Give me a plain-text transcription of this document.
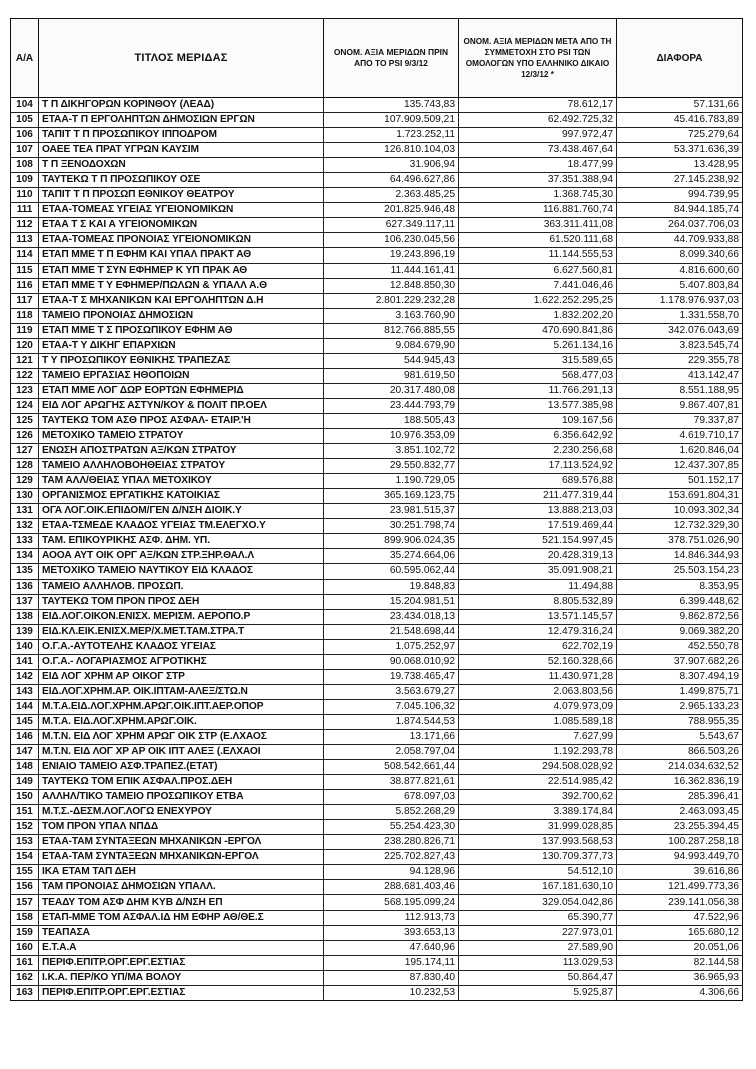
Α/Α	ΤΙΤΛΟΣ ΜΕΡΙΔΑΣ	ΟΝΟΜ. ΑΞΙΑ ΜΕΡΙΔΩΝ ΠΡΙΝ ΑΠΟ ΤΟ PSI 9/3/12	ΟΝΟΜ. ΑΞΙΑ ΜΕΡΙΔΩΝ ΜΕΤΑ ΑΠΟ ΤΗ ΣΥΜΜΕΤΟΧΗ ΣΤΟ PSI ΤΩΝ ΟΜΟΛΟΓΩΝ ΥΠΟ ΕΛΛΗΝΙΚΟ ΔΙΚΑΙΟ 12/3/12 *	ΔΙΑΦΟΡΑ
104	Τ Π ΔΙΚΗΓΟΡΩΝ ΚΟΡΙΝΘΟΥ (ΛΕΑΔ)	135.743,83	78.612,17	57.131,66
105	ΕΤΑΑ-Τ Π ΕΡΓΟΛΗΠΤΩΝ ΔΗΜΟΣΙΩΝ ΕΡΓΩΝ	107.909.509,21	62.492.725,32	45.416.783,89
106	ΤΑΠΙΤ Τ Π ΠΡΟΣΩΠΙΚΟΥ ΙΠΠΟΔΡΟΜ	1.723.252,11	997.972,47	725.279,64
107	ΟΑΕΕ ΤΕΑ ΠΡΑΤ ΥΓΡΩΝ ΚΑΥΣΙΜ	126.810.104,03	73.438.467,64	53.371.636,39
108	Τ Π ΞΕΝΟΔΟΧΩΝ	31.906,94	18.477,99	13.428,95
109	ΤΑΥΤΕΚΩ Τ Π ΠΡΟΣΩΠΙΚΟΥ ΟΣΕ	64.496.627,86	37.351.388,94	27.145.238,92
110	ΤΑΠΙΤ Τ Π ΠΡΟΣΩΠ ΕΘΝΙΚΟΥ ΘΕΑΤΡΟΥ	2.363.485,25	1.368.745,30	994.739,95
111	ΕΤΑΑ-ΤΟΜΕΑΣ ΥΓΕΙΑΣ ΥΓΕΙΟΝΟΜΙΚΩΝ	201.825.946,48	116.881.760,74	84.944.185,74
112	ΕΤΑΑ Τ Σ ΚΑΙ Α ΥΓΕΙΟΝΟΜΙΚΩΝ	627.349.117,11	363.311.411,08	264.037.706,03
113	ΕΤΑΑ-ΤΟΜΕΑΣ ΠΡΟΝΟΙΑΣ ΥΓΕΙΟΝΟΜΙΚΩΝ	106.230.045,56	61.520.111,68	44.709.933,88
114	ΕΤΑΠ ΜΜΕ Τ Π ΕΦΗΜ ΚΑΙ ΥΠΑΛ ΠΡΑΚΤ ΑΘ	19.243.896,19	11.144.555,53	8.099.340,66
115	ΕΤΑΠ ΜΜΕ Τ ΣΥΝ ΕΦΗΜΕΡ Κ ΥΠ ΠΡΑΚ ΑΘ	11.444.161,41	6.627.560,81	4.816.600,60
116	ΕΤΑΠ ΜΜΕ Τ Υ ΕΦΗΜΕΡ/ΠΩΛΩΝ & ΥΠΑΛΛ Α.Θ	12.848.850,30	7.441.046,46	5.407.803,84
117	ΕΤΑΑ-Τ Σ ΜΗΧΑΝΙΚΩΝ ΚΑΙ ΕΡΓΟΛΗΠΤΩΝ Δ.Η	2.801.229.232,28	1.622.252.295,25	1.178.976.937,03
118	ΤΑΜΕΙΟ ΠΡΟΝΟΙΑΣ ΔΗΜΟΣΙΩΝ	3.163.760,90	1.832.202,20	1.331.558,70
119	ΕΤΑΠ ΜΜΕ Τ Σ ΠΡΟΣΩΠΙΚΟΥ ΕΦΗΜ ΑΘ	812.766.885,55	470.690.841,86	342.076.043,69
120	ΕΤΑΑ-Τ Υ ΔΙΚΗΓ ΕΠΑΡΧΙΩΝ	9.084.679,90	5.261.134,16	3.823.545,74
121	Τ Υ ΠΡΟΣΩΠΙΚΟΥ ΕΘΝΙΚΗΣ ΤΡΑΠΕΖΑΣ	544.945,43	315.589,65	229.355,78
122	ΤΑΜΕΙΟ ΕΡΓΑΣΙΑΣ ΗΘΟΠΟΙΩΝ	981.619,50	568.477,03	413.142,47
123	ΕΤΑΠ ΜΜΕ ΛΟΓ ΔΩΡ ΕΟΡΤΩΝ ΕΦΗΜΕΡΙΔ	20.317.480,08	11.766.291,13	8.551.188,95
124	ΕΙΔ ΛΟΓ ΑΡΩΓΗΣ ΑΣΤΥΝ/ΚΟΥ & ΠΟΛΙΤ ΠΡ.ΟΕΛ	23.444.793,79	13.577.385,98	9.867.407,81
125	ΤΑΥΤΕΚΩ ΤΟΜ ΑΣΘ ΠΡΟΣ ΑΣΦΑΛ- ΕΤΑΙΡ.'Η	188.505,43	109.167,56	79.337,87
126	ΜΕΤΟΧΙΚΟ ΤΑΜΕΙΟ ΣΤΡΑΤΟΥ	10.976.353,09	6.356.642,92	4.619.710,17
127	ΕΝΩΣΗ ΑΠΟΣΤΡΑΤΩΝ ΑΞ/ΚΩΝ ΣΤΡΑΤΟΥ	3.851.102,72	2.230.256,68	1.620.846,04
128	ΤΑΜΕΙΟ ΑΛΛΗΛΟΒΟΗΘΕΙΑΣ ΣΤΡΑΤΟΥ	29.550.832,77	17.113.524,92	12.437.307,85
129	ΤΑΜ ΑΛΛ/ΘΕΙΑΣ ΥΠΑΛ ΜΕΤΟΧΙΚΟΥ	1.190.729,05	689.576,88	501.152,17
130	ΟΡΓΑΝΙΣΜΟΣ ΕΡΓΑΤΙΚΗΣ ΚΑΤΟΙΚΙΑΣ	365.169.123,75	211.477.319,44	153.691.804,31
131	ΟΓΑ ΛΟΓ.ΟΙΚ.ΕΠΙΔΟΜ/ΓΕΝ Δ/ΝΣΗ ΔΙΟΙΚ.Υ	23.981.515,37	13.888.213,03	10.093.302,34
132	ΕΤΑΑ-ΤΣΜΕΔΕ ΚΛΑΔΟΣ ΥΓΕΙΑΣ ΤΜ.ΕΛΕΓΧΟ.Υ	30.251.798,74	17.519.469,44	12.732.329,30
133	ΤΑΜ. ΕΠΙΚΟΥΡΙΚΗΣ ΑΣΦ. ΔΗΜ. ΥΠ.	899.906.024,35	521.154.997,45	378.751.026,90
134	ΑΟΟΑ ΑΥΤ ΟΙΚ ΟΡΓ ΑΞ/ΚΩΝ ΣΤΡ.ΞΗΡ.ΘΑΛ.Λ	35.274.664,06	20.428.319,13	14.846.344,93
135	ΜΕΤΟΧΙΚΟ ΤΑΜΕΙΟ ΝΑΥΤΙΚΟΥ ΕΙΔ ΚΛΑΔΟΣ	60.595.062,44	35.091.908,21	25.503.154,23
136	ΤΑΜΕΙΟ ΑΛΛΗΛΟΒ. ΠΡΟΣΩΠ.	19.848,83	11.494,88	8.353,95
137	ΤΑΥΤΕΚΩ ΤΟΜ ΠΡΟΝ ΠΡΟΣ ΔΕΗ	15.204.981,51	8.805.532,89	6.399.448,62
138	ΕΙΔ.ΛΟΓ.ΟΙΚΟΝ.ΕΝΙΣΧ. ΜΕΡΙΣΜ. ΑΕΡΟΠΟ.Ρ	23.434.018,13	13.571.145,57	9.862.872,56
139	ΕΙΔ.ΚΛ.ΕΙΚ.ΕΝΙΣΧ.ΜΕΡ/Χ.ΜΕΤ.ΤΑΜ.ΣΤΡΑ.Τ	21.548.698,44	12.479.316,24	9.069.382,20
140	Ο.Γ.Α.-ΑΥΤΟΤΕΛΗΣ ΚΛΑΔΟΣ ΥΓΕΙΑΣ	1.075.252,97	622.702,19	452.550,78
141	Ο.Γ.Α.- ΛΟΓΑΡΙΑΣΜΟΣ ΑΓΡΟΤΙΚΗΣ	90.068.010,92	52.160.328,66	37.907.682,26
142	ΕΙΔ ΛΟΓ ΧΡΗΜ ΑΡ ΟΙΚΟΓ ΣΤΡ	19.738.465,47	11.430.971,28	8.307.494,19
143	ΕΙΔ.ΛΟΓ.ΧΡΗΜ.ΑΡ. ΟΙΚ.ΙΠΤΑΜ-ΑΛΕΞ/ΣΤΩ.Ν	3.563.679,27	2.063.803,56	1.499.875,71
144	Μ.Τ.Α.ΕΙΔ.ΛΟΓ.ΧΡΗΜ.ΑΡΩΓ.ΟΙΚ.ΙΠΤ.ΑΕΡ.ΟΠΟΡ	7.045.106,32	4.079.973,09	2.965.133,23
145	Μ.Τ.Α. ΕΙΔ.ΛΟΓ.ΧΡΗΜ.ΑΡΩΓ.ΟΙΚ.	1.874.544,53	1.085.589,18	788.955,35
146	Μ.Τ.Ν. ΕΙΔ ΛΟΓ ΧΡΗΜ ΑΡΩΓ ΟΙΚ ΣΤΡ (Ε.ΛΧΑΟΣ	13.171,66	7.627,99	5.543,67
147	Μ.Τ.Ν. ΕΙΔ ΛΟΓ ΧΡ ΑΡ ΟΙΚ ΙΠΤ ΑΛΕΞ (.ΕΛΧΑΟΙ	2.058.797,04	1.192.293,78	866.503,26
148	ΕΝΙΑΙΟ ΤΑΜΕΙΟ ΑΣΦ.ΤΡΑΠΕΖ.(ΕΤΑΤ)	508.542.661,44	294.508.028,92	214.034.632,52
149	ΤΑΥΤΕΚΩ ΤΟΜ ΕΠΙΚ ΑΣΦΑΛ.ΠΡΟΣ.ΔΕΗ	38.877.821,61	22.514.985,42	16.362.836,19
150	ΑΛΛΗΛ/ΤΙΚΟ ΤΑΜΕΙΟ ΠΡΟΣΩΠΙΚΟΥ ΕΤΒΑ	678.097,03	392.700,62	285.396,41
151	Μ.Τ.Σ.-ΔΕΣΜ.ΛΟΓ.ΛΟΓΩ ΕΝΕΧΥΡΟΥ	5.852.268,29	3.389.174,84	2.463.093,45
152	ΤΟΜ ΠΡΟΝ ΥΠΑΛ ΝΠΔΔ	55.254.423,30	31.999.028,85	23.255.394,45
153	ΕΤΑΑ-ΤΑΜ ΣΥΝΤΑΞΕΩΝ ΜΗΧΑΝΙΚΩΝ -ΕΡΓΟΛ	238.280.826,71	137.993.568,53	100.287.258,18
154	ΕΤΑΑ-ΤΑΜ ΣΥΝΤΑΞΕΩΝ ΜΗΧΑΝΙΚΩΝ-ΕΡΓΟΛ	225.702.827,43	130.709.377,73	94.993.449,70
155	ΙΚΑ ΕΤΑΜ ΤΑΠ ΔΕΗ	94.128,96	54.512,10	39.616,86
156	ΤΑΜ ΠΡΟΝΟΙΑΣ ΔΗΜΟΣΙΩΝ ΥΠΑΛΛ.	288.681.403,46	167.181.630,10	121.499.773,36
157	ΤΕΑΔΥ ΤΟΜ ΑΣΦ ΔΗΜ ΚΥΒ Δ/ΝΣΗ ΕΠ	568.195.099,24	329.054.042,86	239.141.056,38
158	ΕΤΑΠ-ΜΜΕ ΤΟΜ ΑΣΦΑΛ.ΙΔ ΗΜ ΕΦΗΡ ΑΘ/ΘΕ.Σ	112.913,73	65.390,77	47.522,96
159	ΤΕΑΠΑΣΑ	393.653,13	227.973,01	165.680,12
160	Ε.Τ.Α.Α	47.640,96	27.589,90	20.051,06
161	ΠΕΡΙΦ.ΕΠΙΤΡ.ΟΡΓ.ΕΡΓ.ΕΣΤΙΑΣ	195.174,11	113.029,53	82.144,58
162	Ι.Κ.Α. ΠΕΡ/ΚΟ ΥΠ/ΜΑ ΒΟΛΟΥ	87.830,40	50.864,47	36.965,93
163	ΠΕΡΙΦ.ΕΠΙΤΡ.ΟΡΓ.ΕΡΓ.ΕΣΤΙΑΣ	10.232,53	5.925,87	4.306,66
